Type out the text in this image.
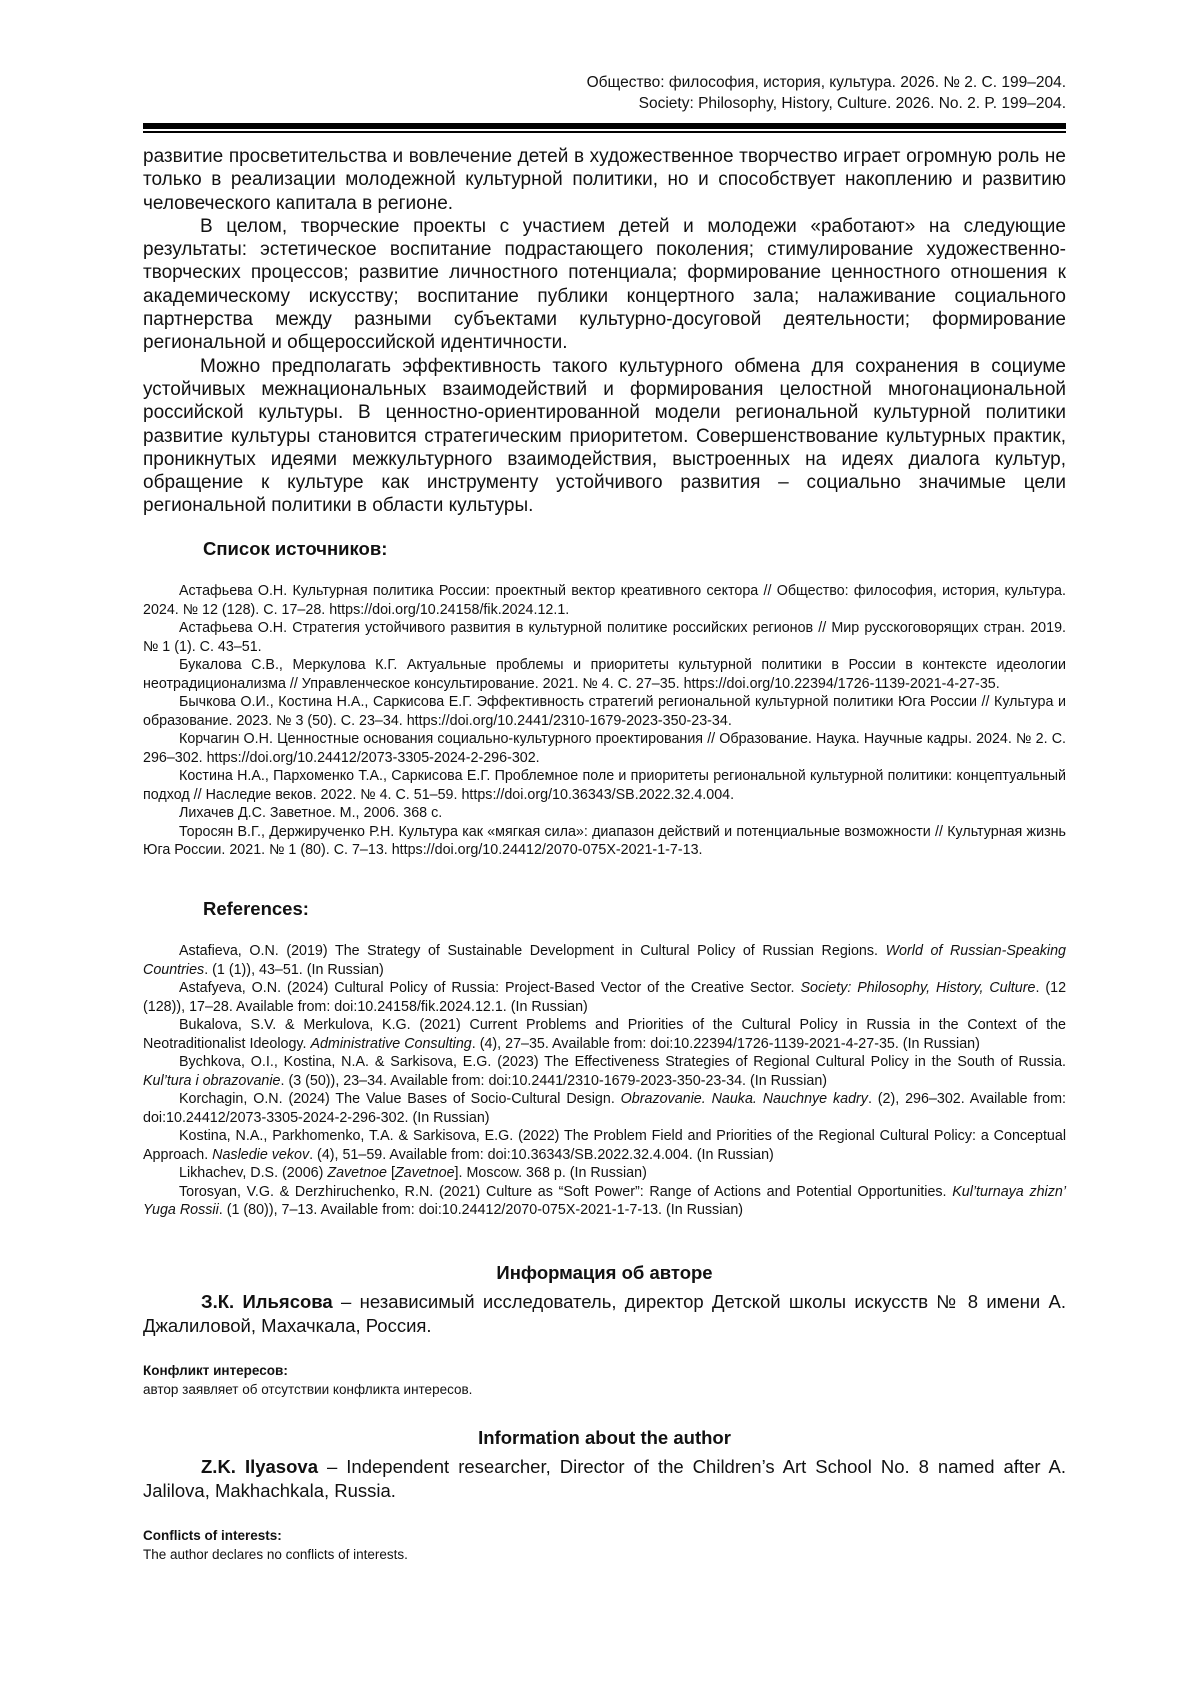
Общество: философия, история, культура. 2026. № 2. С. 199–204.
Society: Philosophy, History, Culture. 2026. No. 2. P. 199–204.

развитие просветительства и вовлечение детей в художественное творчество играет огромную роль не только в реализации молодежной культурной политики, но и способствует накоплению и развитию человеческого капитала в регионе.

В целом, творческие проекты с участием детей и молодежи «работают» на следующие результаты: эстетическое воспитание подрастающего поколения; стимулирование художественно-творческих процессов; развитие личностного потенциала; формирование ценностного отношения к академическому искусству; воспитание публики концертного зала; налаживание социального партнерства между разными субъектами культурно-досуговой деятельности; формирование региональной и общероссийской идентичности.

Можно предполагать эффективность такого культурного обмена для сохранения в социуме устойчивых межнациональных взаимодействий и формирования целостной многонациональной российской культуры. В ценностно-ориентированной модели региональной культурной политики развитие культуры становится стратегическим приоритетом. Совершенствование культурных практик, проникнутых идеями межкультурного взаимодействия, выстроенных на идеях диалога культур, обращение к культуре как инструменту устойчивого развития – социально значимые цели региональной политики в области культуры.

Список источников:

Астафьева О.Н. Культурная политика России: проектный вектор креативного сектора // Общество: философия, история, культура. 2024. № 12 (128). С. 17–28. https://doi.org/10.24158/fik.2024.12.1.

Астафьева О.Н. Стратегия устойчивого развития в культурной политике российских регионов // Мир русскоговорящих стран. 2019. № 1 (1). С. 43–51.

Букалова С.В., Меркулова К.Г. Актуальные проблемы и приоритеты культурной политики в России в контексте идеологии неотрадиционализма // Управленческое консультирование. 2021. № 4. С. 27–35. https://doi.org/10.22394/1726-1139-2021-4-27-35.

Бычкова О.И., Костина Н.А., Саркисова Е.Г. Эффективность стратегий региональной культурной политики Юга России // Культура и образование. 2023. № 3 (50). С. 23–34. https://doi.org/10.2441/2310-1679-2023-350-23-34.

Корчагин О.Н. Ценностные основания социально-культурного проектирования // Образование. Наука. Научные кадры. 2024. № 2. С. 296–302. https://doi.org/10.24412/2073-3305-2024-2-296-302.

Костина Н.А., Пархоменко Т.А., Саркисова Е.Г. Проблемное поле и приоритеты региональной культурной политики: концептуальный подход // Наследие веков. 2022. № 4. С. 51–59. https://doi.org/10.36343/SB.2022.32.4.004.

Лихачев Д.С. Заветное. М., 2006. 368 с.

Торосян В.Г., Держирученко Р.Н. Культура как «мягкая сила»: диапазон действий и потенциальные возможности // Культурная жизнь Юга России. 2021. № 1 (80). С. 7–13. https://doi.org/10.24412/2070-075X-2021-1-7-13.

References:

Astafieva, O.N. (2019) The Strategy of Sustainable Development in Cultural Policy of Russian Regions. World of Russian-Speaking Countries. (1 (1)), 43–51. (In Russian)

Astafyeva, O.N. (2024) Cultural Policy of Russia: Project-Based Vector of the Creative Sector. Society: Philosophy, History, Culture. (12 (128)), 17–28. Available from: doi:10.24158/fik.2024.12.1. (In Russian)

Bukalova, S.V. & Merkulova, K.G. (2021) Current Problems and Priorities of the Cultural Policy in Russia in the Context of the Neotraditionalist Ideology. Administrative Consulting. (4), 27–35. Available from: doi:10.22394/1726-1139-2021-4-27-35. (In Russian)

Bychkova, O.I., Kostina, N.A. & Sarkisova, E.G. (2023) The Effectiveness Strategies of Regional Cultural Policy in the South of Russia. Kul’tura i obrazovanie. (3 (50)), 23–34. Available from: doi:10.2441/2310-1679-2023-350-23-34. (In Russian)

Korchagin, O.N. (2024) The Value Bases of Socio-Cultural Design. Obrazovanie. Nauka. Nauchnye kadry. (2), 296–302. Available from: doi:10.24412/2073-3305-2024-2-296-302. (In Russian)

Kostina, N.A., Parkhomenko, T.A. & Sarkisova, E.G. (2022) The Problem Field and Priorities of the Regional Cultural Policy: a Conceptual Approach. Nasledie vekov. (4), 51–59. Available from: doi:10.36343/SB.2022.32.4.004. (In Russian)

Likhachev, D.S. (2006) Zavetnoe [Zavetnoe]. Moscow. 368 p. (In Russian)

Torosyan, V.G. & Derzhiruchenko, R.N. (2021) Culture as “Soft Power”: Range of Actions and Potential Opportunities. Kul’turnaya zhizn’ Yuga Rossii. (1 (80)), 7–13. Available from: doi:10.24412/2070-075X-2021-1-7-13. (In Russian)

Информация об авторе
З.К. Ильясова – независимый исследователь, директор Детской школы искусств № 8 имени А. Джалиловой, Махачкала, Россия.
Конфликт интересов:
автор заявляет об отсутствии конфликта интересов.
Information about the author
Z.K. Ilyasova – Independent researcher, Director of the Children’s Art School No. 8 named after A. Jalilova, Makhachkala, Russia.
Conflicts of interests:
The author declares no conflicts of interests.
